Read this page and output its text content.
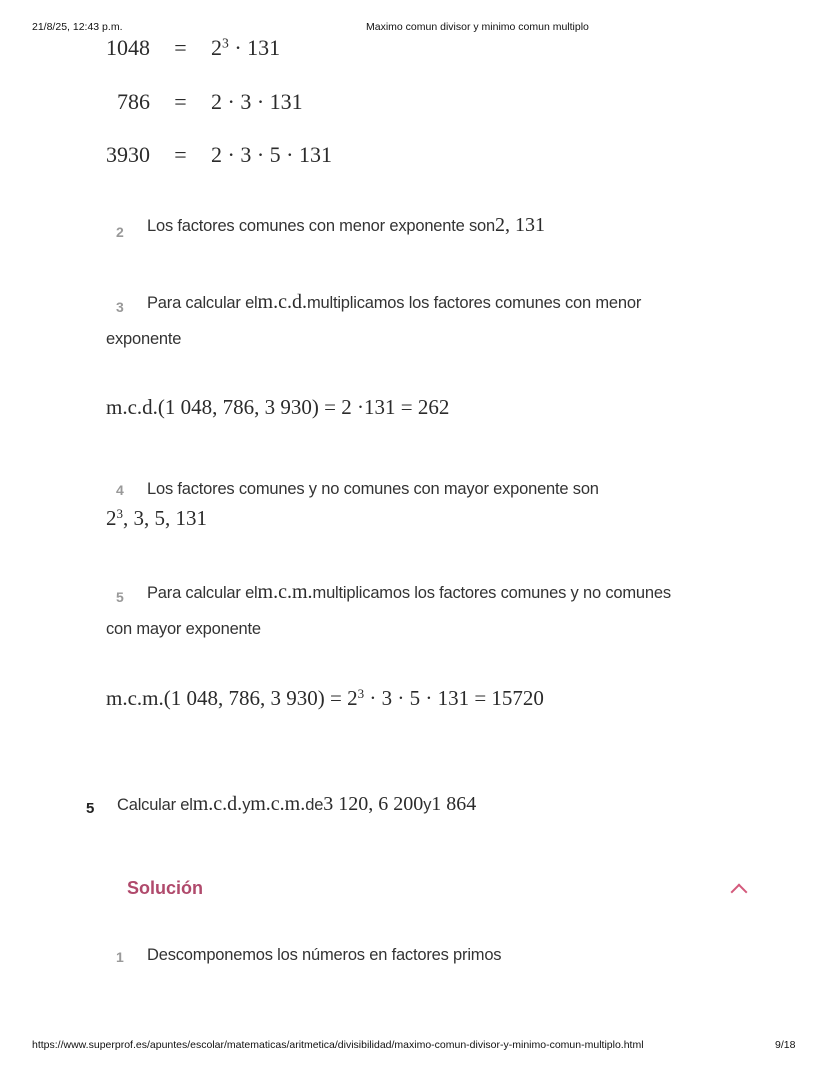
21/8/25, 12:43 p.m.	Maximo comun divisor y minimo comun multiplo
$1048 = 2^3 \cdot 131$
786 = 2 · 3 · 131
3930 = 2 · 3 · 5 · 131
2 Los factores comunes con menor exponente son2, 131
3 Para calcular elm.c.d.multiplicamos los factores comunes con menor
exponente
m.c.d.(1 048, 786, 3 930) = 2 ·131 = 262
4 Los factores comunes y no comunes con mayor exponente son
$2^3$, 3, 5, 131
5 Para calcular elm.c.m.multiplicamos los factores comunes y no comunes
con mayor exponente
m.c.m.(1 048, 786, 3 $930) = 2^3 \cdot 3 \cdot 5 \cdot 131 = 15720$
5 Calcular elm.c.d.ym.c.m.de3 120, 6 200y1 864
Solución
1 Descomponemos los números en factores primos
https://www.superprof.es/apuntes/escolar/matematicas/aritmetica/divisibilidad/maximo-comun-divisor-y-minimo-comun-multiplo.html	9/18
